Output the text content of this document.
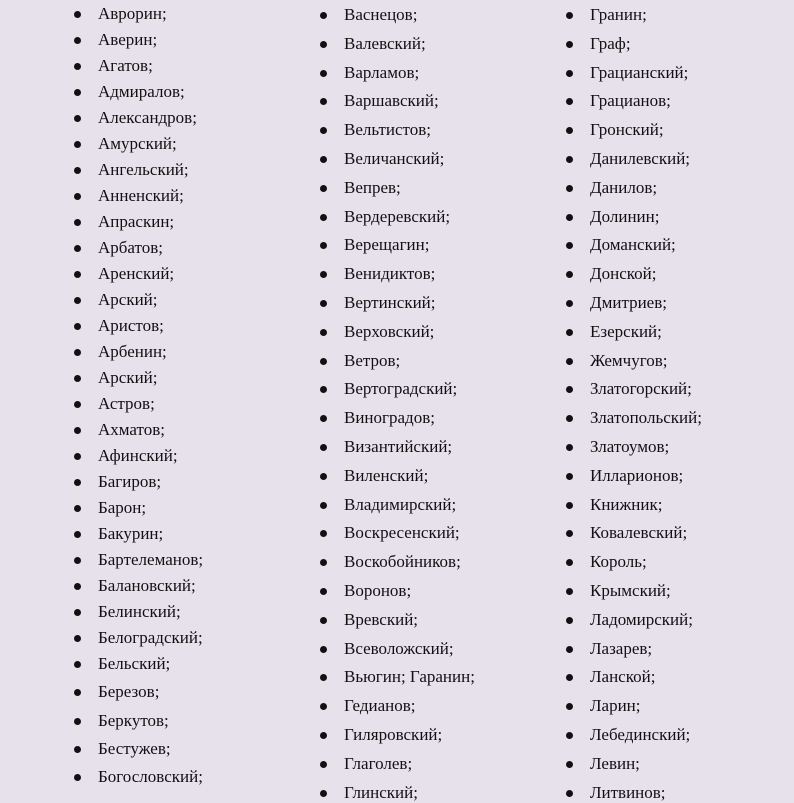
Аврорин;
Аверин;
Агатов;
Адмиралов;
Александров;
Амурский;
Ангельский;
Анненский;
Апраскин;
Арбатов;
Аренский;
Арский;
Аристов;
Арбенин;
Арский;
Астров;
Ахматов;
Афинский;
Багиров;
Барон;
Бакурин;
Бартелеманов;
Балановский;
Белинский;
Белоградский;
Бельский;
Березов;
Беркутов;
Бестужев;
Богословский;
Васнецов;
Валевский;
Варламов;
Варшавский;
Вельтистов;
Величанский;
Вепрев;
Вердеревский;
Верещагин;
Венидиктов;
Вертинский;
Верховский;
Ветров;
Вертоградский;
Виноградов;
Византийский;
Виленский;
Владимирский;
Воскресенский;
Воскобойников;
Воронов;
Вревский;
Всеволожский;
Вьюгин; Гаранин;
Гедианов;
Гиляровский;
Глаголев;
Глинский;
Гранин;
Граф;
Грацианский;
Грацианов;
Гронский;
Данилевский;
Данилов;
Долинин;
Доманский;
Донской;
Дмитриев;
Езерский;
Жемчугов;
Златогорский;
Златопольский;
Златоумов;
Илларионов;
Книжник;
Ковалевский;
Король;
Крымский;
Ладомирский;
Лазарев;
Ланской;
Ларин;
Лебединский;
Левин;
Литвинов;
